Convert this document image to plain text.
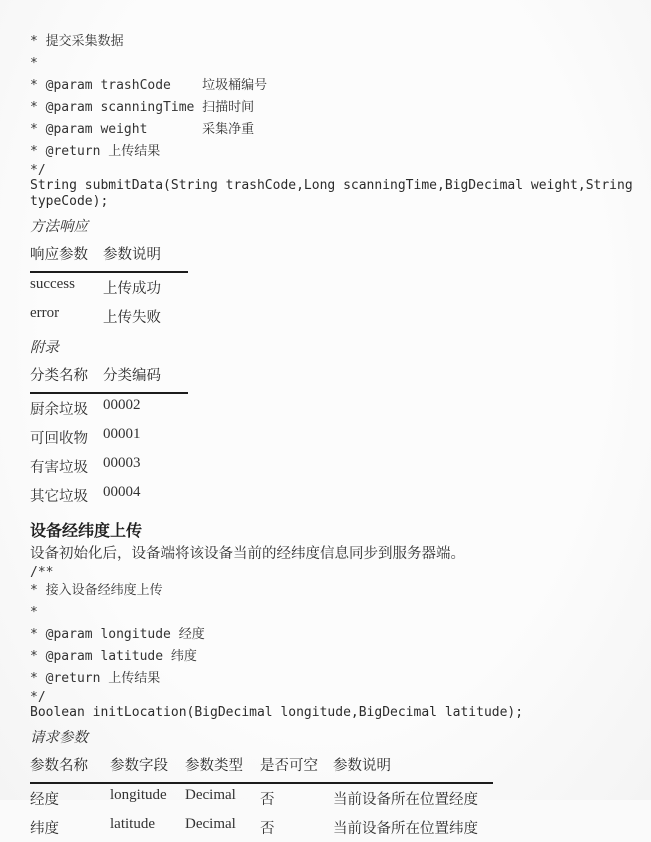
* 提交采集数据
*
* @param trashCode    垃圾桶编号
* @param scanningTime 扫描时间
* @param weight       采集净重
* @return 上传结果
*/
String submitData(String trashCode,Long scanningTime,BigDecimal weight,String
typeCode);
方法响应
响应参数	参数说明
success	上传成功
error	上传失败
附录
分类名称	分类编码
厨余垃圾	00002
可回收物	00001
有害垃圾	00003
其它垃圾	00004
设备经纬度上传

设备初始化后，设备端将该设备当前的经纬度信息同步到服务器端。

/**
* 接入设备经纬度上传
*
* @param longitude 经度
* @param latitude 纬度
* @return 上传结果
*/
Boolean initLocation(BigDecimal longitude,BigDecimal latitude);
请求参数
参数名称	参数字段	参数类型	是否可空	参数说明
经度	longitude	Decimal	否	当前设备所在位置经度
纬度	latitude	Decimal	否	当前设备所在位置纬度
